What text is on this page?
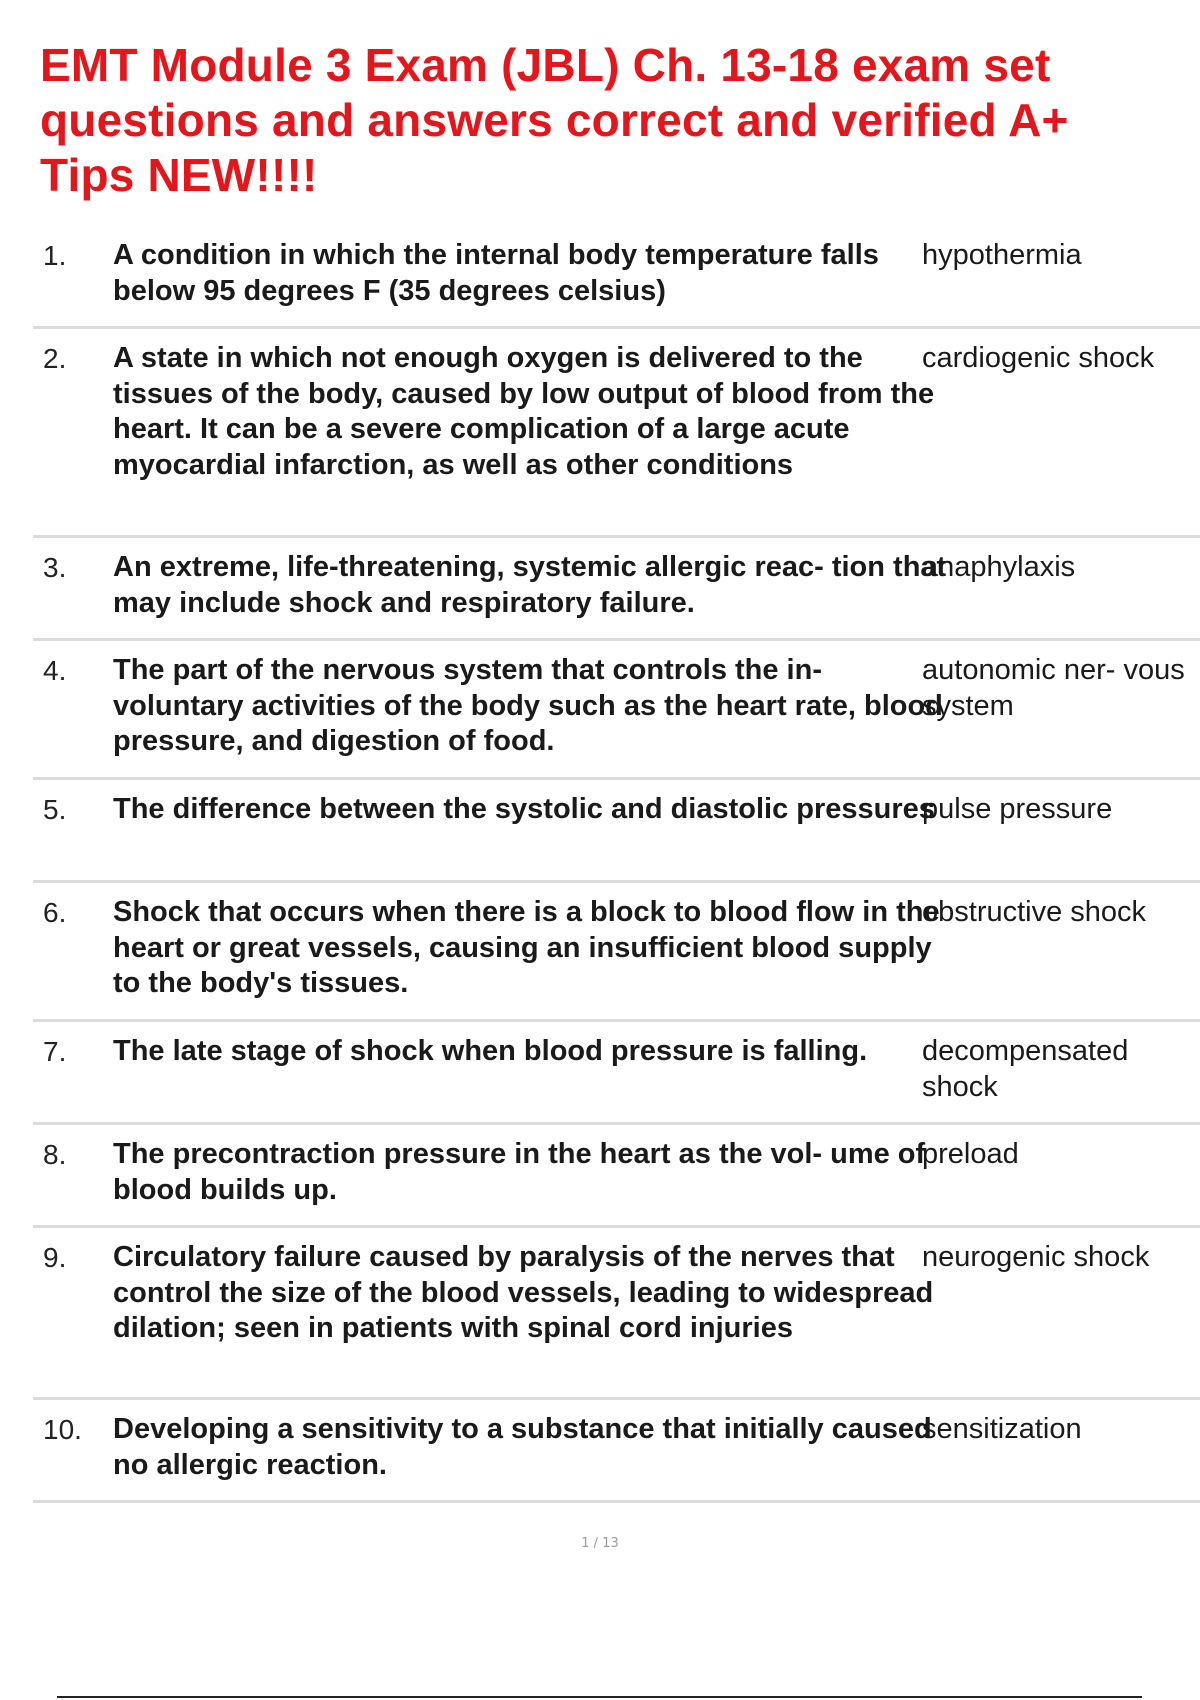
EMT Module 3 Exam (JBL) Ch. 13-18 exam set questions and answers correct and verified A+ Tips NEW!!!!
1. A condition in which the internal body temperature falls below 95 degrees F (35 degrees celsius)

hypothermia

2. A state in which not enough oxygen is delivered to the tissues of the body, caused by low output of blood from the heart. It can be a severe complication of a large acute myocardial infarction, as well as other conditions

cardiogenic shock

3. An extreme, life-threatening, systemic allergic reac- tion that may include shock and respiratory failure.

anaphylaxis

4. The part of the nervous system that controls the in- voluntary activities of the body such as the heart rate, blood pressure, and digestion of food.

autonomic ner- vous system

5. The difference between the systolic and diastolic pressures

pulse pressure

6. Shock that occurs when there is a block to blood flow in the heart or great vessels, causing an insufficient blood supply to the body's tissues.

obstructive shock

7. The late stage of shock when blood pressure is falling.	decompensated shock

8. The precontraction pressure in the heart as the vol- ume of blood builds up.

preload

9. Circulatory failure caused by paralysis of the nerves that control the size of the blood vessels, leading to widespread dilation; seen in patients with spinal cord injuries

neurogenic shock

10. Developing a sensitivity to a substance that initially caused no allergic reaction.

sensitization

1 / 13
